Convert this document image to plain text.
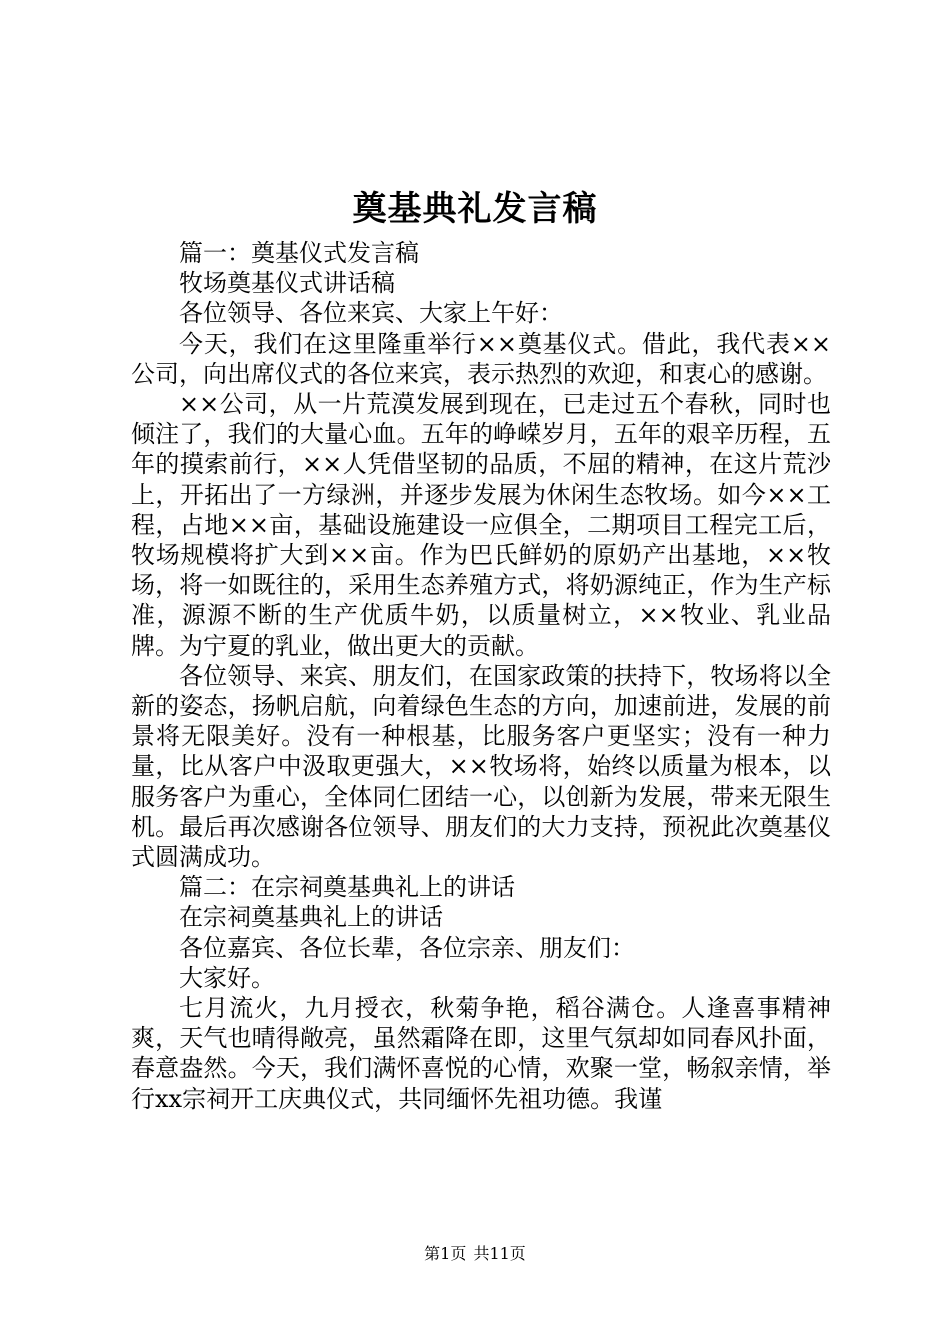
奠基典礼发言稿

篇一：奠基仪式发言稿

牧场奠基仪式讲话稿

各位领导、各位来宾、大家上午好：

今天，我们在这里隆重举行××奠基仪式。借此，我代表××公司，向出席仪式的各位来宾，表示热烈的欢迎，和衷心的感谢。

××公司，从一片荒漠发展到现在，已走过五个春秋，同时也倾注了，我们的大量心血。五年的峥嵘岁月，五年的艰辛历程，五年的摸索前行，××人凭借坚韧的品质，不屈的精神，在这片荒沙上，开拓出了一方绿洲，并逐步发展为休闲生态牧场。如今××工程，占地××亩，基础设施建设一应俱全，二期项目工程完工后，牧场规模将扩大到××亩。作为巴氏鲜奶的原奶产出基地，××牧场，将一如既往的，采用生态养殖方式，将奶源纯正，作为生产标准，源源不断的生产优质牛奶，以质量树立，××牧业、乳业品牌。为宁夏的乳业，做出更大的贡献。

各位领导、来宾、朋友们，在国家政策的扶持下，牧场将以全新的姿态，扬帆启航，向着绿色生态的方向，加速前进，发展的前景将无限美好。没有一种根基，比服务客户更坚实；没有一种力量，比从客户中汲取更强大，××牧场将，始终以质量为根本，以服务客户为重心，全体同仁团结一心，以创新为发展，带来无限生机。最后再次感谢各位领导、朋友们的大力支持，预祝此次奠基仪式圆满成功。

篇二：在宗祠奠基典礼上的讲话

在宗祠奠基典礼上的讲话

各位嘉宾、各位长辈，各位宗亲、朋友们：

大家好。

七月流火，九月授衣，秋菊争艳，稻谷满仓。人逢喜事精神爽，天气也晴得敞亮，虽然霜降在即，这里气氛却如同春风扑面，春意盎然。今天，我们满怀喜悦的心情，欢聚一堂，畅叙亲情，举行xx宗祠开工庆典仪式，共同缅怀先祖功德。我谨

第1页 共11页
